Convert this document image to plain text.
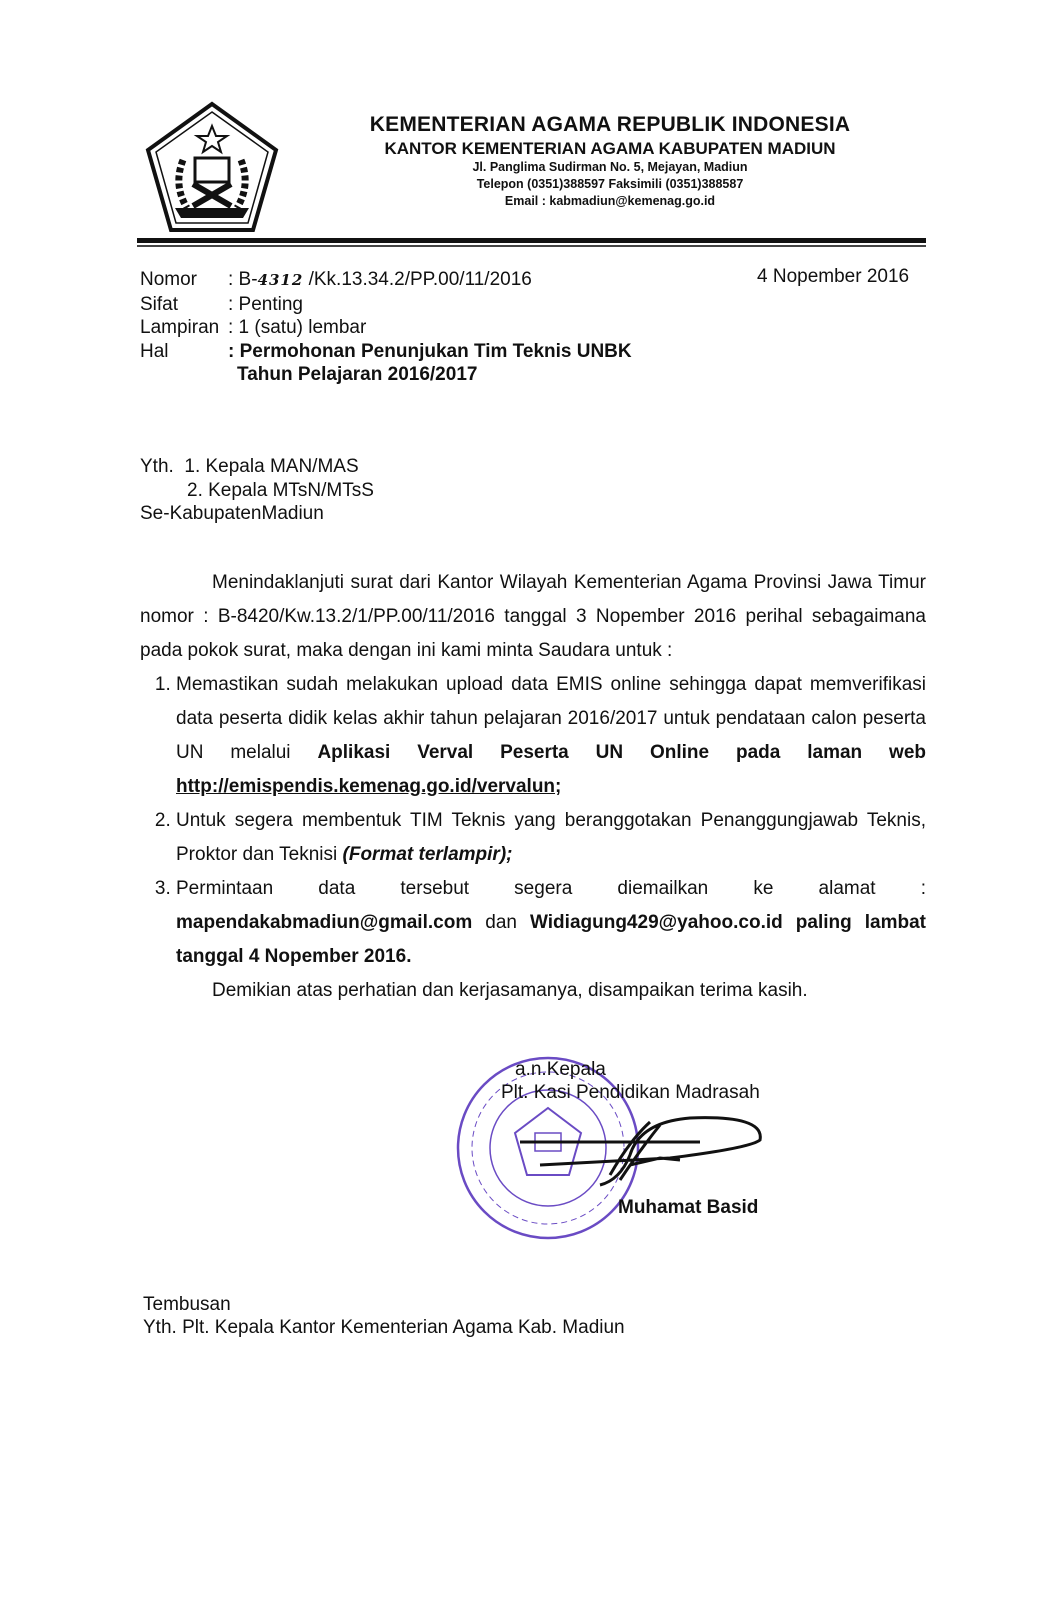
KEMENTERIAN AGAMA REPUBLIK INDONESIA
KANTOR KEMENTERIAN AGAMA KABUPATEN MADIUN
Jl. Panglima Sudirman No. 5, Mejayan, Madiun
Telepon (0351)388597 Faksimili (0351)388587
Email : kabmadiun@kemenag.go.id
Nomor	: B-4312 /Kk.13.34.2/PP.00/11/2016
Sifat	: Penting
Lampiran	: 1 (satu) lembar
Hal	: Permohonan Penunjukan Tim Teknis UNBK
Tahun Pelajaran 2016/2017
4 Nopember 2016
Yth. 1. Kepala MAN/MAS
2. Kepala MTsN/MTsS
Se-KabupatenMadiun

Menindaklanjuti surat dari Kantor Wilayah Kementerian Agama Provinsi Jawa Timur nomor : B-8420/Kw.13.2/1/PP.00/11/2016 tanggal 3 Nopember 2016 perihal sebagaimana pada pokok surat, maka dengan ini kami minta Saudara untuk :

1. Memastikan sudah melakukan upload data EMIS online sehingga dapat memverifikasi data peserta didik kelas akhir tahun pelajaran 2016/2017 untuk pendataan calon peserta UN melalui Aplikasi Verval Peserta UN Online pada laman web http://emispendis.kemenag.go.id/vervalun;
2. Untuk segera membentuk TIM Teknis yang beranggotakan Penanggungjawab Teknis, Proktor dan Teknisi (Format terlampir);
3. Permintaan data tersebut segera diemailkan ke alamat : mapendakabmadiun@gmail.com dan Widiagung429@yahoo.co.id paling lambat tanggal 4 Nopember 2016.

Demikian atas perhatian dan kerjasamanya, disampaikan terima kasih.

a.n.Kepala
Plt. Kasi Pendidikan Madrasah
Muhamat Basid
Tembusan
Yth. Plt. Kepala Kantor Kementerian Agama Kab. Madiun
